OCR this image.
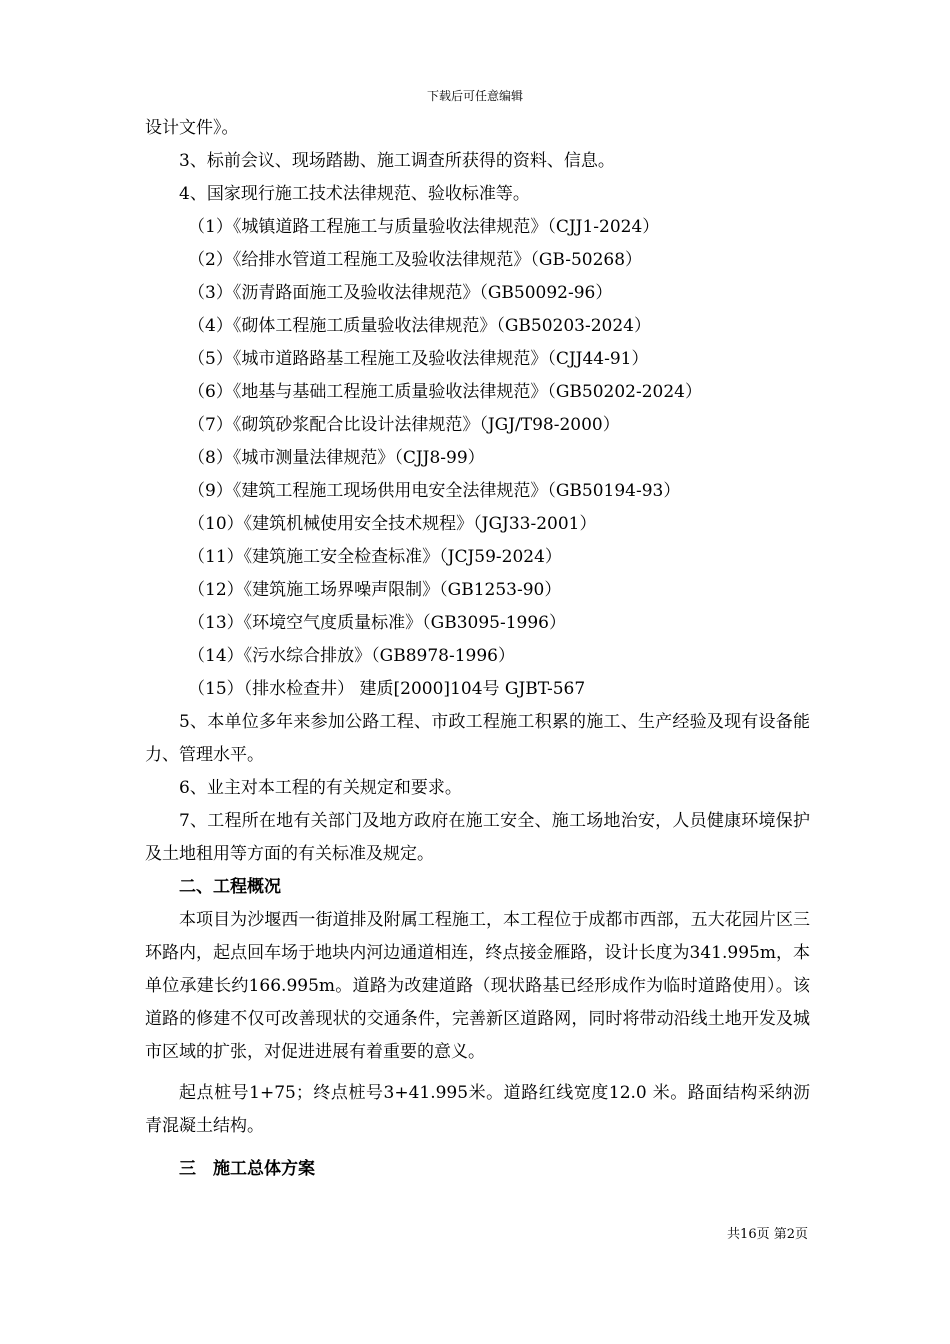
下载后可任意编辑
设计文件》。
3、标前会议、现场踏勘、施工调查所获得的资料、信息。
4、国家现行施工技术法律规范、验收标准等。
（1）《城镇道路工程施工与质量验收法律规范》（CJJ1-2024）
（2）《给排水管道工程施工及验收法律规范》（GB-50268）
（3）《沥青路面施工及验收法律规范》（GB50092-96）
（4）《砌体工程施工质量验收法律规范》（GB50203-2024）
（5）《城市道路路基工程施工及验收法律规范》（CJJ44-91）
（6）《地基与基础工程施工质量验收法律规范》（GB50202-2024）
（7）《砌筑砂浆配合比设计法律规范》（JGJ/T98-2000）
（8）《城市测量法律规范》（CJJ8-99）
（9）《建筑工程施工现场供用电安全法律规范》（GB50194-93）
（10）《建筑机械使用安全技术规程》（JGJ33-2001）
（11）《建筑施工安全检查标准》（JCJ59-2024）
（12）《建筑施工场界噪声限制》（GB1253-90）
（13）《环境空气度质量标准》（GB3095-1996）
（14）《污水综合排放》（GB8978-1996）
（15）（排水检查井） 建质[2000]104号 GJBT-567

5、本单位多年来参加公路工程、市政工程施工积累的施工、生产经验及现有设备能力、管理水平。

6、业主对本工程的有关规定和要求。

7、工程所在地有关部门及地方政府在施工安全、施工场地治安，人员健康环境保护及土地租用等方面的有关标准及规定。

二、工程概况

本项目为沙堰西一街道排及附属工程施工，本工程位于成都市西部，五大花园片区三环路内，起点回车场于地块内河边通道相连，终点接金雁路，设计长度为341.995m，本单位承建长约166.995m。道路为改建道路（现状路基已经形成作为临时道路使用）。该道路的修建不仅可改善现状的交通条件，完善新区道路网，同时将带动沿线土地开发及城市区域的扩张，对促进进展有着重要的意义。

起点桩号1+75；终点桩号3+41.995米。道路红线宽度12.0 米。路面结构采纳沥青混凝土结构。

三　施工总体方案
共16页 第2页
